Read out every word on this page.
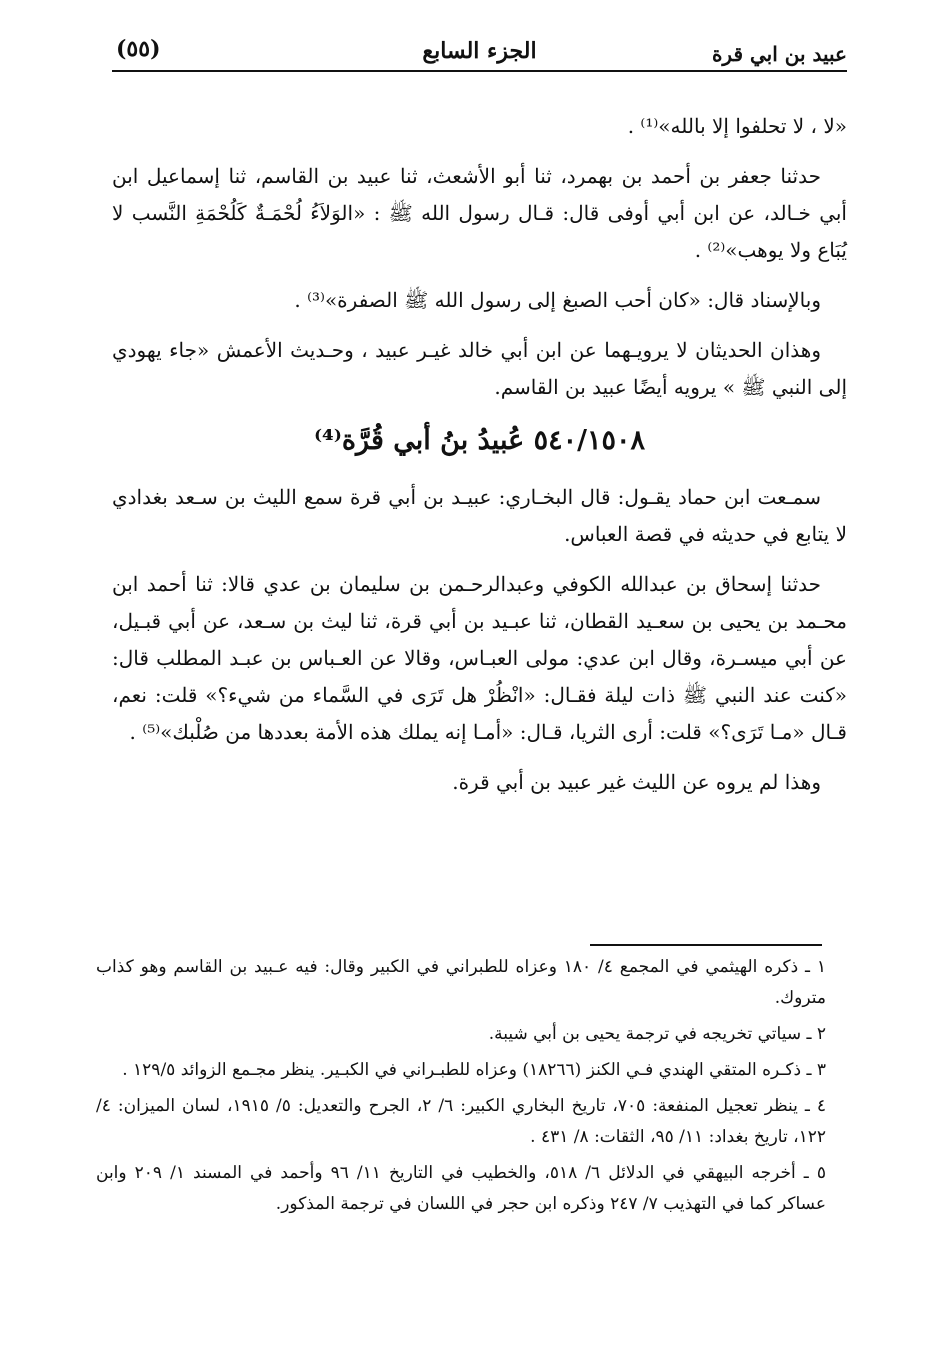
عبيد بن ابي قرة
الجزء السابع
(٥٥)

«لا ، لا تحلفوا إلا بالله»⁽¹⁾ .

حدثنا جعفر بن أحمد بن بهمرد، ثنا أبو الأشعث، ثنا عبيد بن القاسم، ثنا إسماعيل ابن أبي خـالد، عن ابن أبي أوفى قال: قـال رسول الله ﷺ : «الوَلاَءُ لُحْمَـةٌ كَلُحْمَةِ النَّسب لا يُبَاع ولا يوهب»⁽²⁾ .

وبالإسناد قال: «كان أحب الصبغ إلى رسول الله ﷺ الصفرة»⁽³⁾ .

وهذان الحديثان لا يرويـهما عن ابن أبي خالد غيـر عبيد ، وحـديث الأعمش «جاء يهودي إلى النبي ﷺ » يرويه أيضًا عبيد بن القاسم.

٥٤٠/١٥٠٨ عُبيدُ بنُ أبي قُرَّة⁽⁴⁾

سمـعت ابن حماد يقـول: قال البخـاري: عبيـد بن أبي قرة سمع الليث بن سـعد بغدادي لا يتابع في حديثه في قصة العباس.

حدثنا إسحاق بن عبدالله الكوفي وعبدالرحـمن بن سليمان بن عدي قالا: ثنا أحمد ابن محـمد بن يحيى بن سعـيد القطان، ثنا عبـيد بن أبي قرة، ثنا ليث بن سـعد، عن أبي قبـيل، عن أبي ميسـرة، وقال ابن عدي: مولى العبـاس، وقالا عن العـباس بن عبـد المطلب قال: «كنت عند النبي ﷺ ذات ليلة فقـال: «انْظُرْ هل تَرَى في السَّماء من شيء؟» قلت: نعم، قـال «مـا تَرَى؟» قلت: أرى الثريا، قـال: «أمـا إنه يملك هذه الأمة بعددها من صُلْبك»⁽⁵⁾ .

وهذا لم يروه عن الليث غير عبيد بن أبي قرة.

١ ـ ذكره الهيثمي في المجمع ٤/ ١٨٠ وعزاه للطبراني في الكبير وقال: فيه عـبيد بن القاسم وهو كذاب متروك.

٢ ـ سياتي تخريجه في ترجمة يحيى بن أبي شيبة.

٣ ـ ذكـره المتقي الهندي فـي الكنز (١٨٢٦٦) وعزاه للطبـراني في الكبـير. ينظر مجـمع الزوائد ١٢٩/٥ .

٤ ـ ينظر تعجيل المنفعة: ٧٠٥، تاريخ البخاري الكبير: ٦/ ٢، الجرح والتعديل: ٥/ ١٩١٥، لسان الميزان: ٤/ ١٢٢، تاريخ بغداد: ١١/ ٩٥، الثقات: ٨/ ٤٣١ .

٥ ـ أخرجه البيهقي في الدلائل ٦/ ٥١٨، والخطيب في التاريخ ١١/ ٩٦ وأحمد في المسند ١/ ٢٠٩ وابن عساكر كما في التهذيب ٧/ ٢٤٧ وذكره ابن حجر في اللسان في ترجمة المذكور.
